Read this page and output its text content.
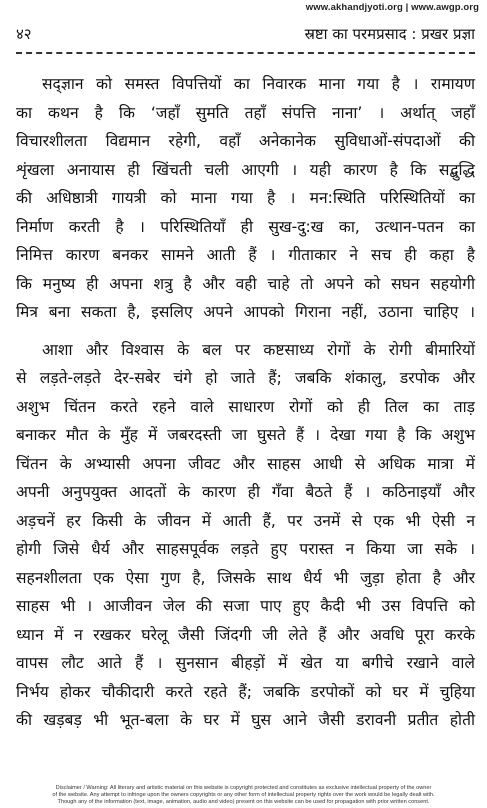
www.akhandjyoti.org | www.awgp.org
४२	स्रष्टा का परमप्रसाद : प्रखर प्रज्ञा

सद्ज्ञान को समस्त विपत्तियों का निवारक माना गया है । रामायण
का कथन है कि ‘जहाँ सुमति तहाँ संपत्ति नाना’ । अर्थात् जहाँ
विचारशीलता विद्यमान रहेगी, वहाँ अनेकानेक सुविधाओं-संपदाओं की
शृंखला अनायास ही खिंचती चली आएगी । यही कारण है कि सद्बुद्धि
की अधिष्ठात्री गायत्री को माना गया है । मन:स्थिति परिस्थितियों का
निर्माण करती है । परिस्थितियाँ ही सुख-दु:ख का, उत्थान-पतन का
निमित्त कारण बनकर सामने आती हैं । गीताकार ने सच ही कहा है
कि मनुष्य ही अपना शत्रु है और वही चाहे तो अपने को सघन सहयोगी
मित्र बना सकता है, इसलिए अपने आपको गिराना नहीं, उठाना चाहिए ।

आशा और विश्वास के बल पर कष्टसाध्य रोगों के रोगी बीमारियों
से लड़ते-लड़ते देर-सबेर चंगे हो जाते हैं; जबकि शंकालु, डरपोक और
अशुभ चिंतन करते रहने वाले साधारण रोगों को ही तिल का ताड़
बनाकर मौत के मुँह में जबरदस्ती जा घुसते हैं । देखा गया है कि अशुभ
चिंतन के अभ्यासी अपना जीवट और साहस आधी से अधिक मात्रा में
अपनी अनुपयुक्त आदतों के कारण ही गँवा बैठते हैं । कठिनाइयाँ और
अड़चनें हर किसी के जीवन में आती हैं, पर उनमें से एक भी ऐसी न
होगी जिसे धैर्य और साहसपूर्वक लड़ते हुए परास्त न किया जा सके ।
सहनशीलता एक ऐसा गुण है, जिसके साथ धैर्य भी जुड़ा होता है और
साहस भी । आजीवन जेल की सजा पाए हुए कैदी भी उस विपत्ति को
ध्यान में न रखकर घरेलू जैसी जिंदगी जी लेते हैं और अवधि पूरा करके
वापस लौट आते हैं । सुनसान बीहड़ों में खेत या बगीचे रखाने वाले
निर्भय होकर चौकीदारी करते रहते हैं; जबकि डरपोकों को घर में चुहिया
की खड़बड़ भी भूत-बला के घर में घुस आने जैसी डरावनी प्रतीत होती

Disclaimer / Warning: All literary and artistic material on this website is copyright protected and constitutes as exclusive intellectual property of the owner
of the website. Any attempt to infringe upon the owners copyrights or any other form of intellectual property rights over the work would be legally dealt with.
Though any of the information (text, image, animation, audio and video) present on this website can be used for propagation with prior written consent.
